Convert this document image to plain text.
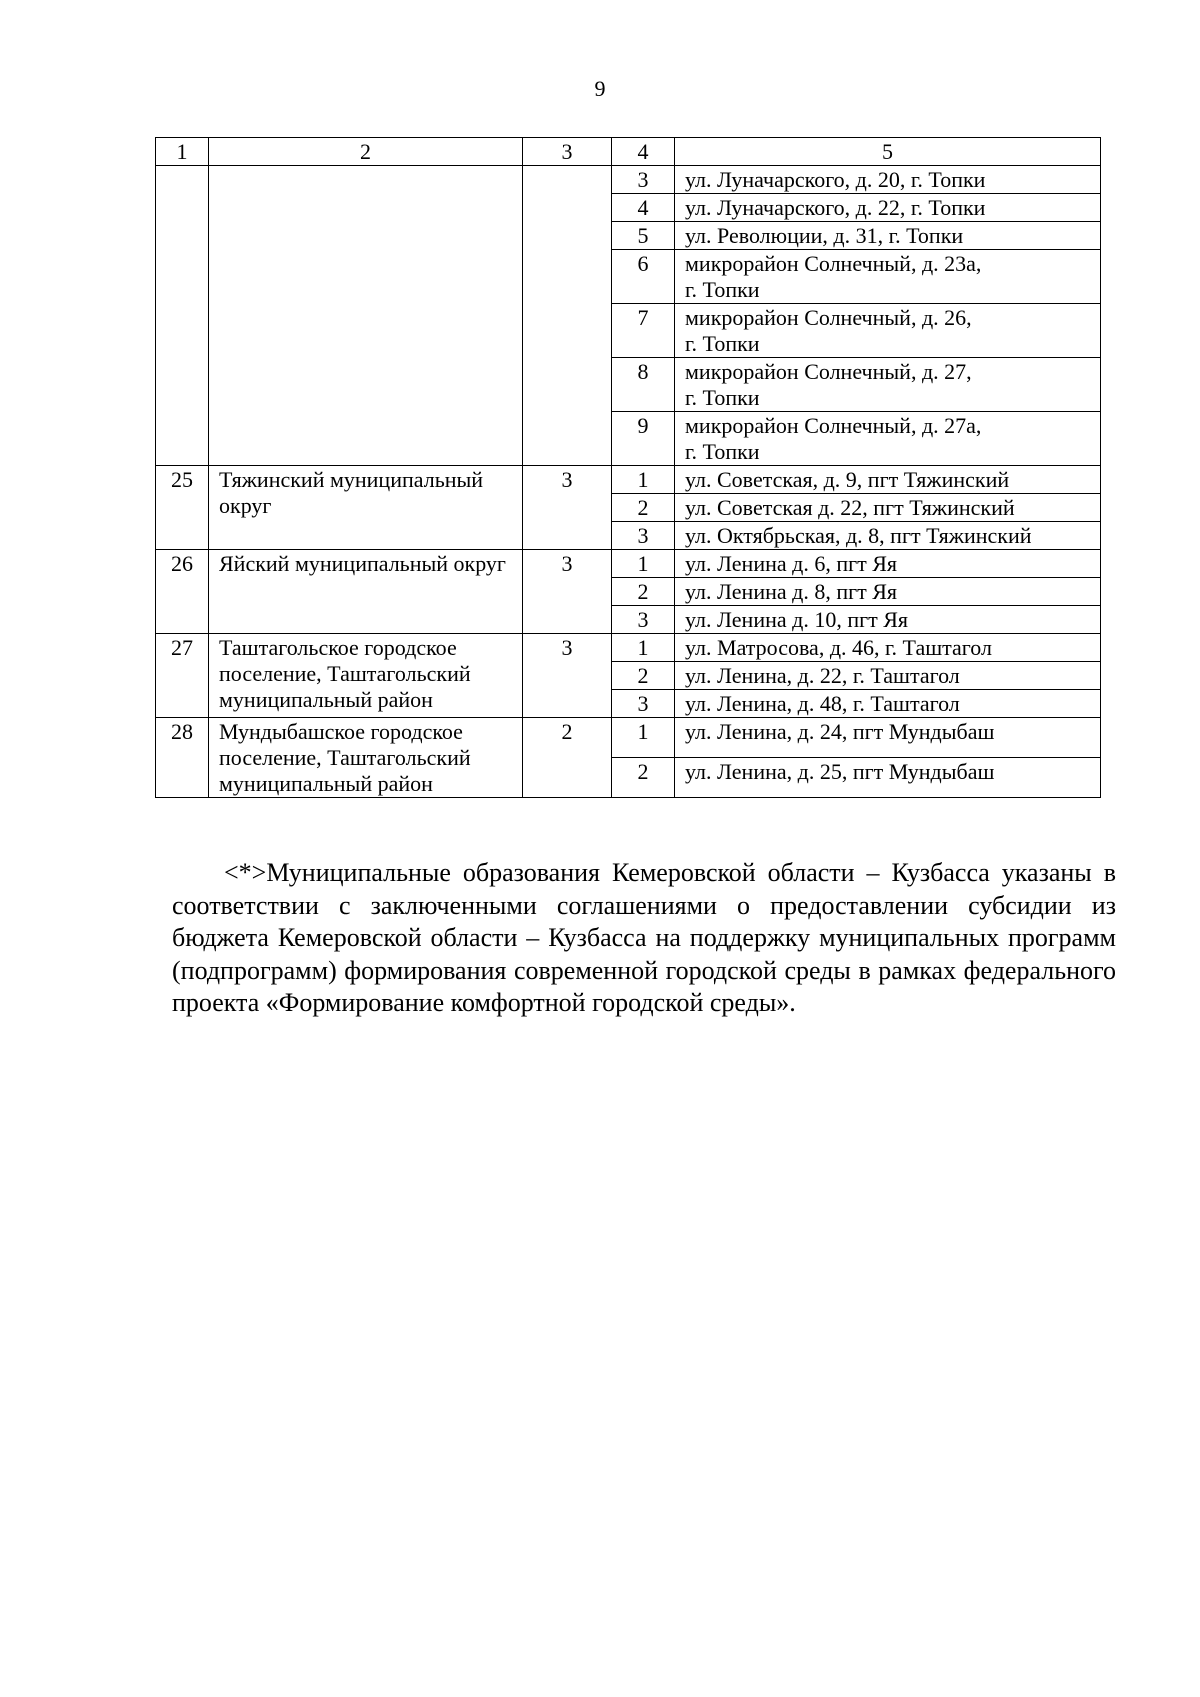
9
1	2	3	4	5
			3	ул. Луначарского, д. 20, г. Топки
			4	ул. Луначарского, д. 22, г. Топки
			5	ул. Революции, д. 31, г. Топки
			6	микрорайон Солнечный, д. 23а,
г. Топки
			7	микрорайон Солнечный, д. 26,
г. Топки
			8	микрорайон Солнечный, д. 27,
г. Топки
			9	микрорайон Солнечный, д. 27а,
г. Топки
25	Тяжинский муниципальный округ	3	1	ул. Советская, д. 9, пгт Тяжинский
			2	ул. Советская д. 22, пгт Тяжинский
			3	ул. Октябрьская, д. 8, пгт Тяжинский
26	Яйский муниципальный округ	3	1	ул. Ленина д. 6, пгт Яя
			2	ул. Ленина д. 8, пгт Яя
			3	ул. Ленина д. 10, пгт Яя
27	Таштагольское городское поселение, Таштагольский муниципальный район	3	1	ул. Матросова, д. 46, г. Таштагол
			2	ул. Ленина, д. 22, г. Таштагол
			3	ул. Ленина, д. 48, г. Таштагол
28	Мундыбашское городское поселение, Таштагольский муниципальный район	2	1	ул. Ленина, д. 24, пгт Мундыбаш
			2	ул. Ленина, д. 25, пгт Мундыбаш
<*>Муниципальные образования Кемеровской области – Кузбасса указаны в соответствии с заключенными соглашениями о предоставлении субсидии из бюджета Кемеровской области – Кузбасса на поддержку муниципальных программ (подпрограмм) формирования современной городской среды в рамках федерального проекта «Формирование комфортной городской среды».
